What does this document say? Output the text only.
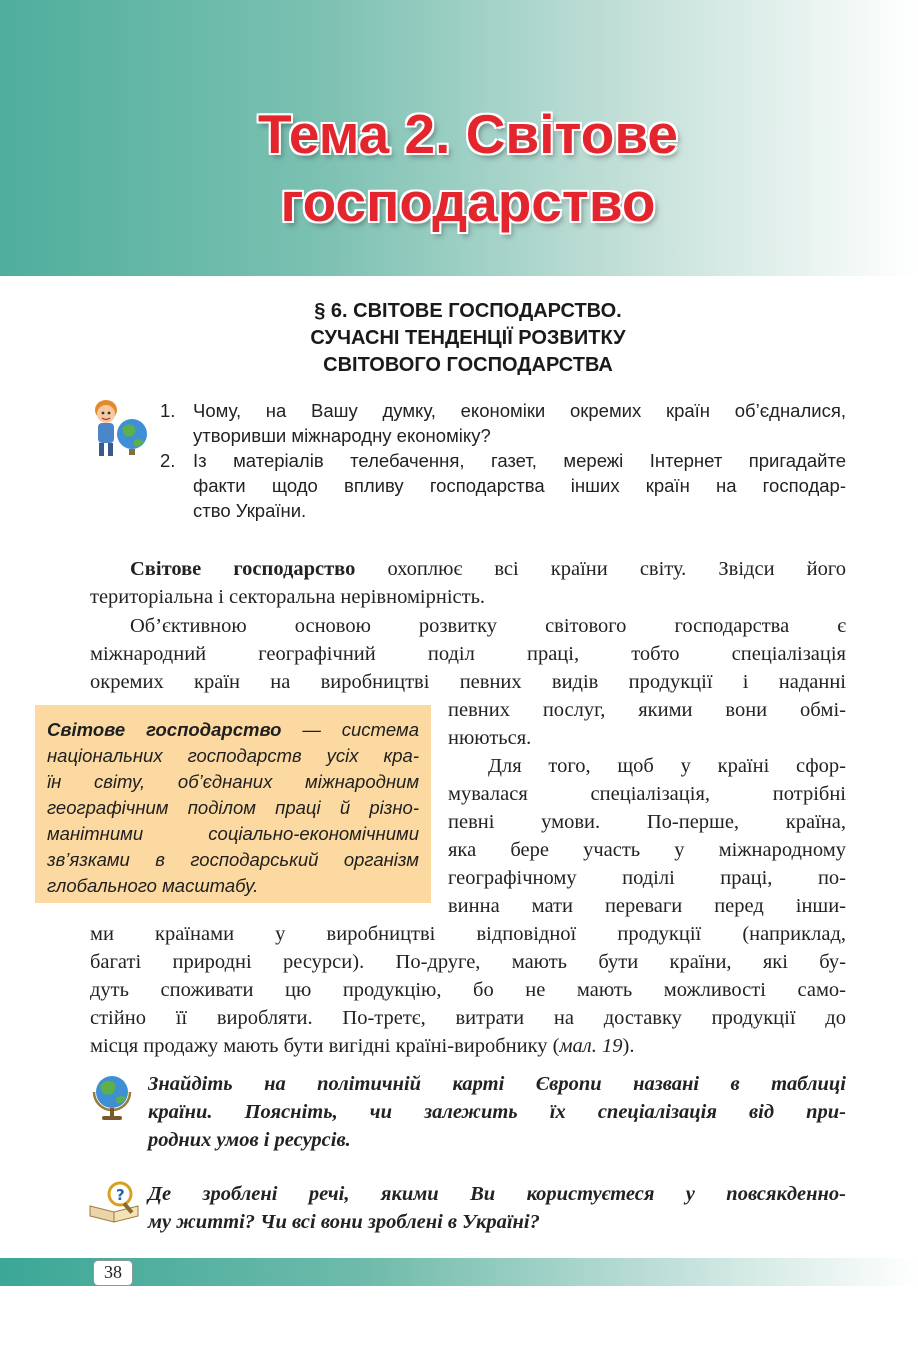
Тема 2. Світове
господарство
§ 6. СВІТОВЕ ГОСПОДАРСТВО.
СУЧАСНІ ТЕНДЕНЦІЇ РОЗВИТКУ
СВІТОВОГО ГОСПОДАРСТВА
1. Чому, на Вашу думку, економіки окремих країн об’єдналися,
утворивши міжнародну економіку?
2. Із матеріалів телебачення, газет, мережі Інтернет пригадайте
факти щодо впливу господарства інших країн на господар-
ство України.
Світове господарство охоплює всі країни світу. Звідси його
територіальна і секторальна нерівномірність.
Об’єктивною основою розвитку світового господарства є
міжнародний географічний поділ праці, тобто спеціалізація
окремих країн на виробництві певних видів продукції і наданні
певних послуг, якими вони обмі-
нюються.
Світове господарство — система
національних господарств усіх кра-
їн світу, об’єднаних міжнародним
географічним поділом праці й різно-
манітними соціально-економічними
зв’язками в господарський організм
глобального масштабу.
Для того, щоб у країні сфор-
мувалася спеціалізація, потрібні
певні умови. По-перше, країна,
яка бере участь у міжнародному
географічному поділі праці, по-
винна мати переваги перед інши-
ми країнами у виробництві відповідної продукції (наприклад,
багаті природні ресурси). По-друге, мають бути країни, які бу-
дуть споживати цю продукцію, бо не мають можливості само-
стійно її виробляти. По-третє, витрати на доставку продукції до
місця продажу мають бути вигідні країні-виробнику (мал. 19).
Знайдіть на політичній карті Європи названі в таблиці
країни. Поясніть, чи залежить їх спеціалізація від при-
родних умов і ресурсів.
? Де зроблені речі, якими Ви користуєтеся у повсякденно-
му житті? Чи всі вони зроблені в Україні?
38
